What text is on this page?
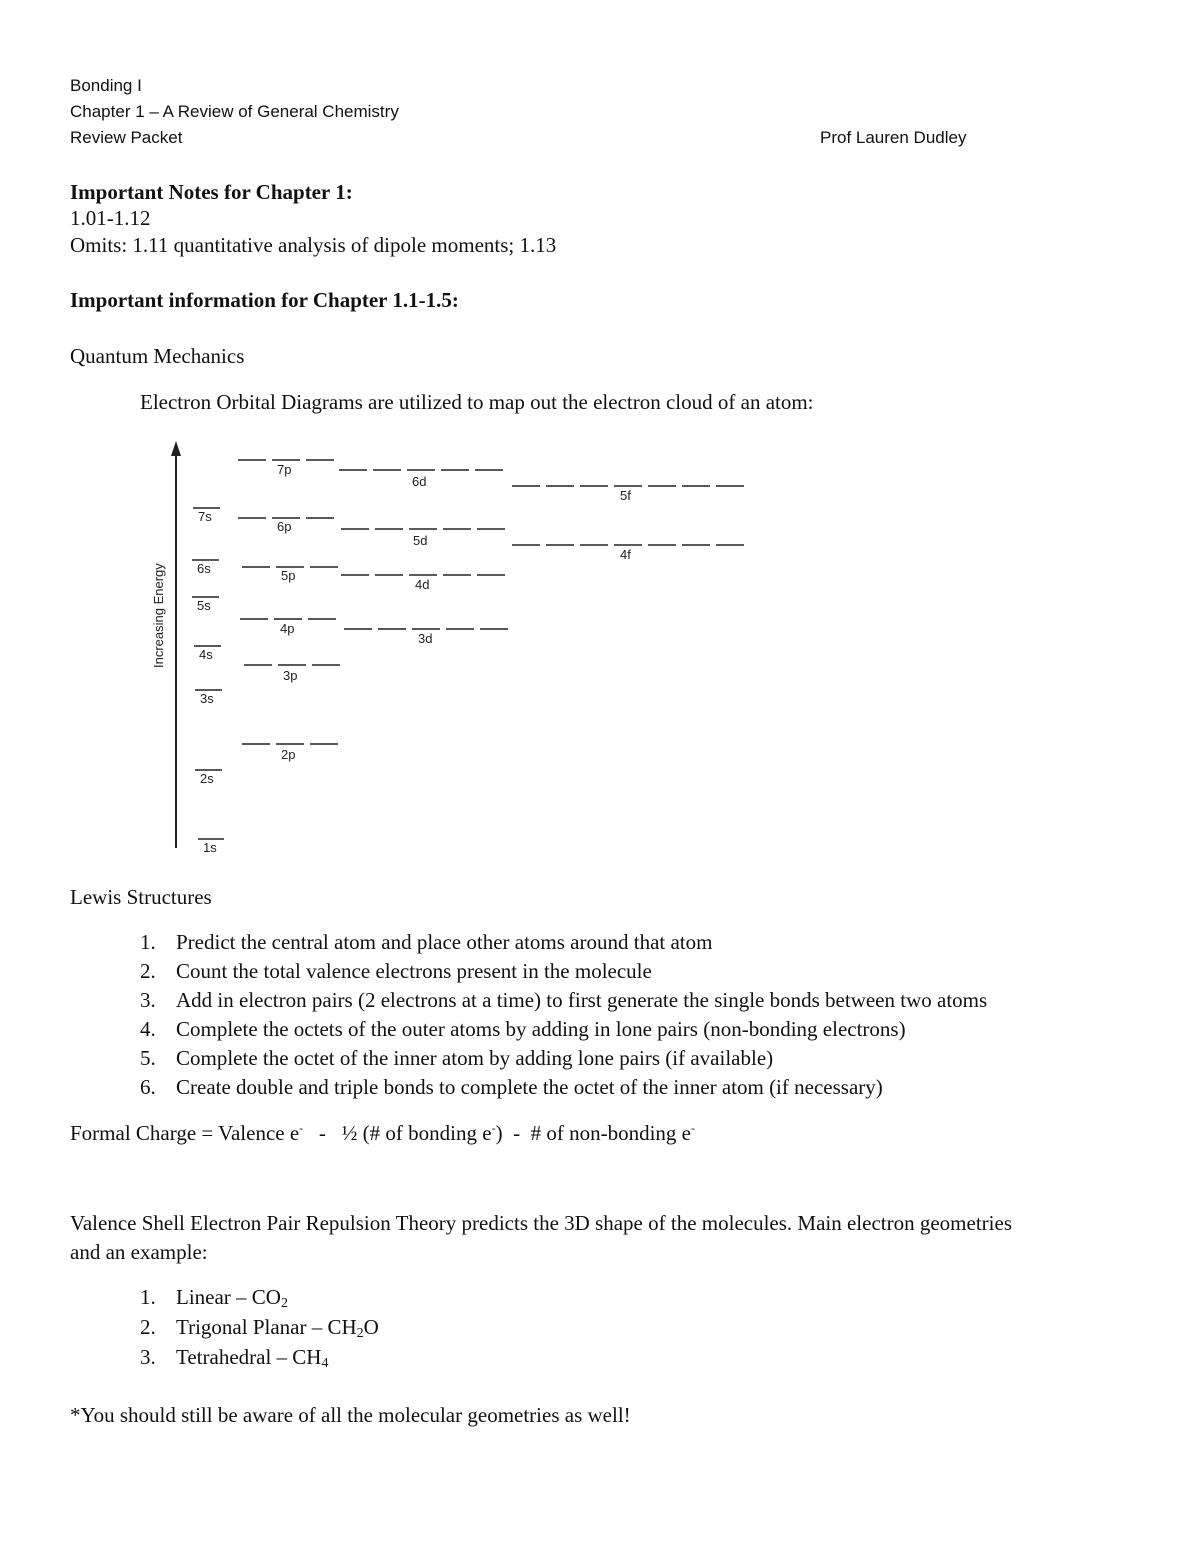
Bonding I
Chapter 1 – A Review of General Chemistry
Review Packet	Prof Lauren Dudley
Important Notes for Chapter 1:
1.01-1.12
Omits: 1.11 quantitative analysis of dipole moments; 1.13
Important information for Chapter 1.1-1.5:
Quantum Mechanics
Electron Orbital Diagrams are utilized to map out the electron cloud of an atom:
Increasing Energy
1s
2s
3s
4s
5s
6s
7s
2p
3p
4p
5p
6p
7p
3d
4d
5d
6d
4f
5f
Lewis Structures
1. Predict the central atom and place other atoms around that atom
2. Count the total valence electrons present in the molecule
3. Add in electron pairs (2 electrons at a time) to first generate the single bonds between two atoms
4. Complete the octets of the outer atoms by adding in lone pairs (non-bonding electrons)
5. Complete the octet of the inner atom by adding lone pairs (if available)
6. Create double and triple bonds to complete the octet of the inner atom (if necessary)
Formal Charge = Valence e-   -   ½ (# of bonding e-)  -  # of non-bonding e-
Valence Shell Electron Pair Repulsion Theory predicts the 3D shape of the molecules. Main electron geometries
and an example:
1. Linear – $CO_2$
2. Trigonal Planar – $CH_2O$
3. Tetrahedral – $CH_4$
*You should still be aware of all the molecular geometries as well!
